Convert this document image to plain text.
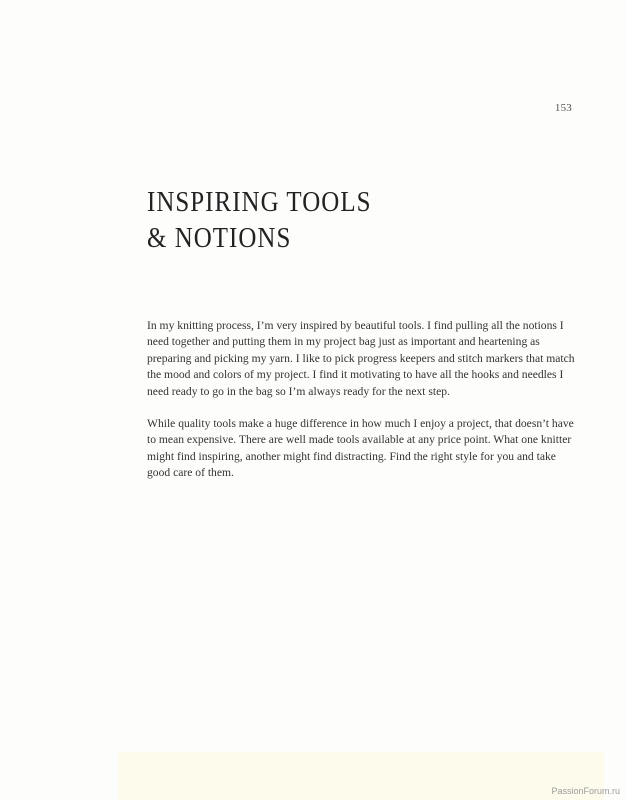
153
INSPIRING TOOLS
& NOTIONS

In my knitting process, I’m very inspired by beautiful tools. I find pulling all the notions I need together and putting them in my project bag just as important and heartening as preparing and picking my yarn. I like to pick progress keepers and stitch markers that match the mood and colors of my project. I find it motivating to have all the hooks and needles I need ready to go in the bag so I’m always ready for the next step.

While quality tools make a huge difference in how much I enjoy a project, that doesn’t have to mean expensive. There are well made tools available at any price point. What one knitter might find inspiring, another might find distracting. Find the right style for you and take good care of them.

PassionForum.ru
